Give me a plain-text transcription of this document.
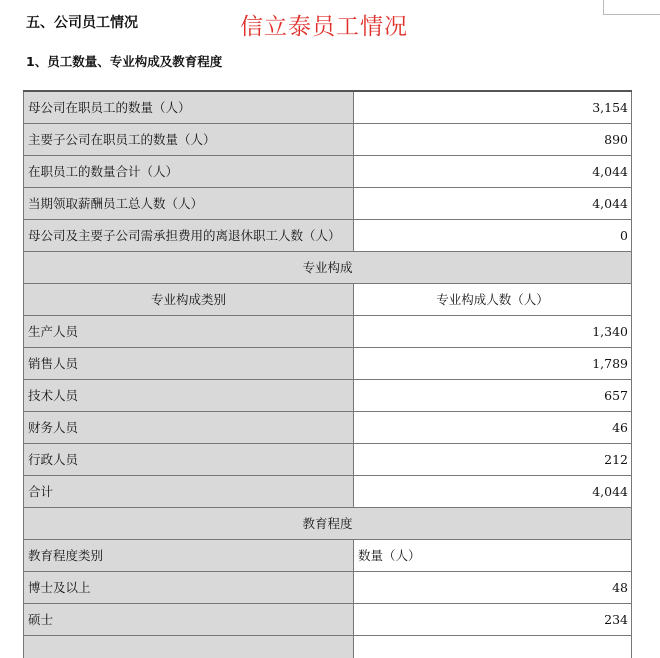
五、公司员工情况	信立泰员工情况
1、员工数量、专业构成及教育程度
母公司在职员工的数量（人）	3,154
主要子公司在职员工的数量（人）	890
在职员工的数量合计（人）	4,044
当期领取薪酬员工总人数（人）	4,044
母公司及主要子公司需承担费用的离退休职工人数（人）	0
专业构成	
专业构成类别	专业构成人数（人）
生产人员	1,340
销售人员	1,789
技术人员	657
财务人员	46
行政人员	212
合计	4,044
教育程度	
教育程度类别	数量（人）
博士及以上	48
硕士	234
